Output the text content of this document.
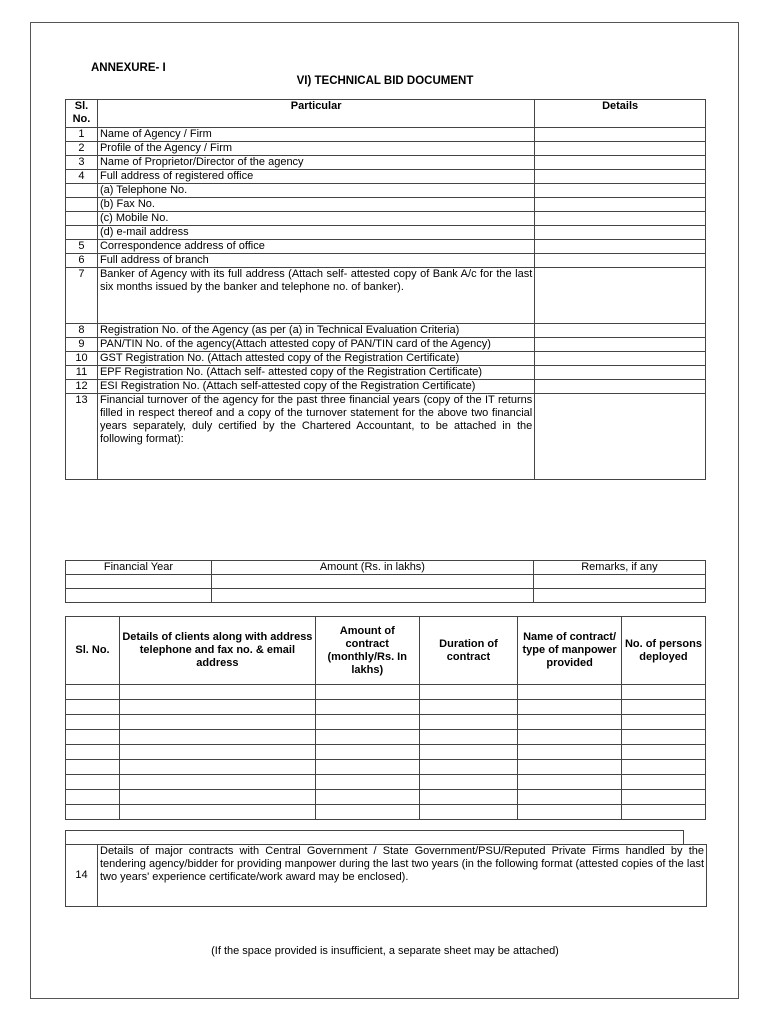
ANNEXURE- I
VI) TECHNICAL BID DOCUMENT
Sl. No.	Particular	Details
1	Name of Agency / Firm	
2	Profile of the Agency / Firm	
3	Name of Proprietor/Director of the agency	
4	Full address of registered office	
	(a) Telephone No.	
	(b) Fax No.	
	(c) Mobile No.	
	(d) e-mail address	
5	Correspondence address of office	
6	Full address of branch	
7	Banker of Agency with its full address (Attach self- attested copy of Bank A/c for the last six months issued by the banker and telephone no. of banker).	
8	Registration No. of the Agency (as per (a) in Technical Evaluation Criteria)	
9	PAN/TIN No. of the agency(Attach attested copy of PAN/TIN card of the Agency)	
10	GST Registration No. (Attach attested copy of the Registration Certificate)	
11	EPF Registration No. (Attach self- attested copy of the Registration Certificate)	
12	ESI Registration No. (Attach self-attested copy of the Registration Certificate)	
13	Financial turnover of the agency for the past three financial years (copy of the IT returns filled in respect thereof and a copy of the turnover statement for the above two financial years separately, duly certified by the Chartered Accountant, to be attached in the following format):	
Financial Year	Amount (Rs. in lakhs)	Remarks, if any

Sl. No.	Details of clients along with address telephone and fax no. & email address	Amount of contract (monthly/Rs. In lakhs)	Duration of contract	Name of contract/ type of manpower provided	No. of persons deployed

14	Details of major contracts with Central Government / State Government/PSU/Reputed Private Firms handled by the tendering agency/bidder for providing manpower during the last two years (in the following format (attested copies of the last two years' experience certificate/work award may be enclosed).	
(If the space provided is insufficient, a separate sheet may be attached)
